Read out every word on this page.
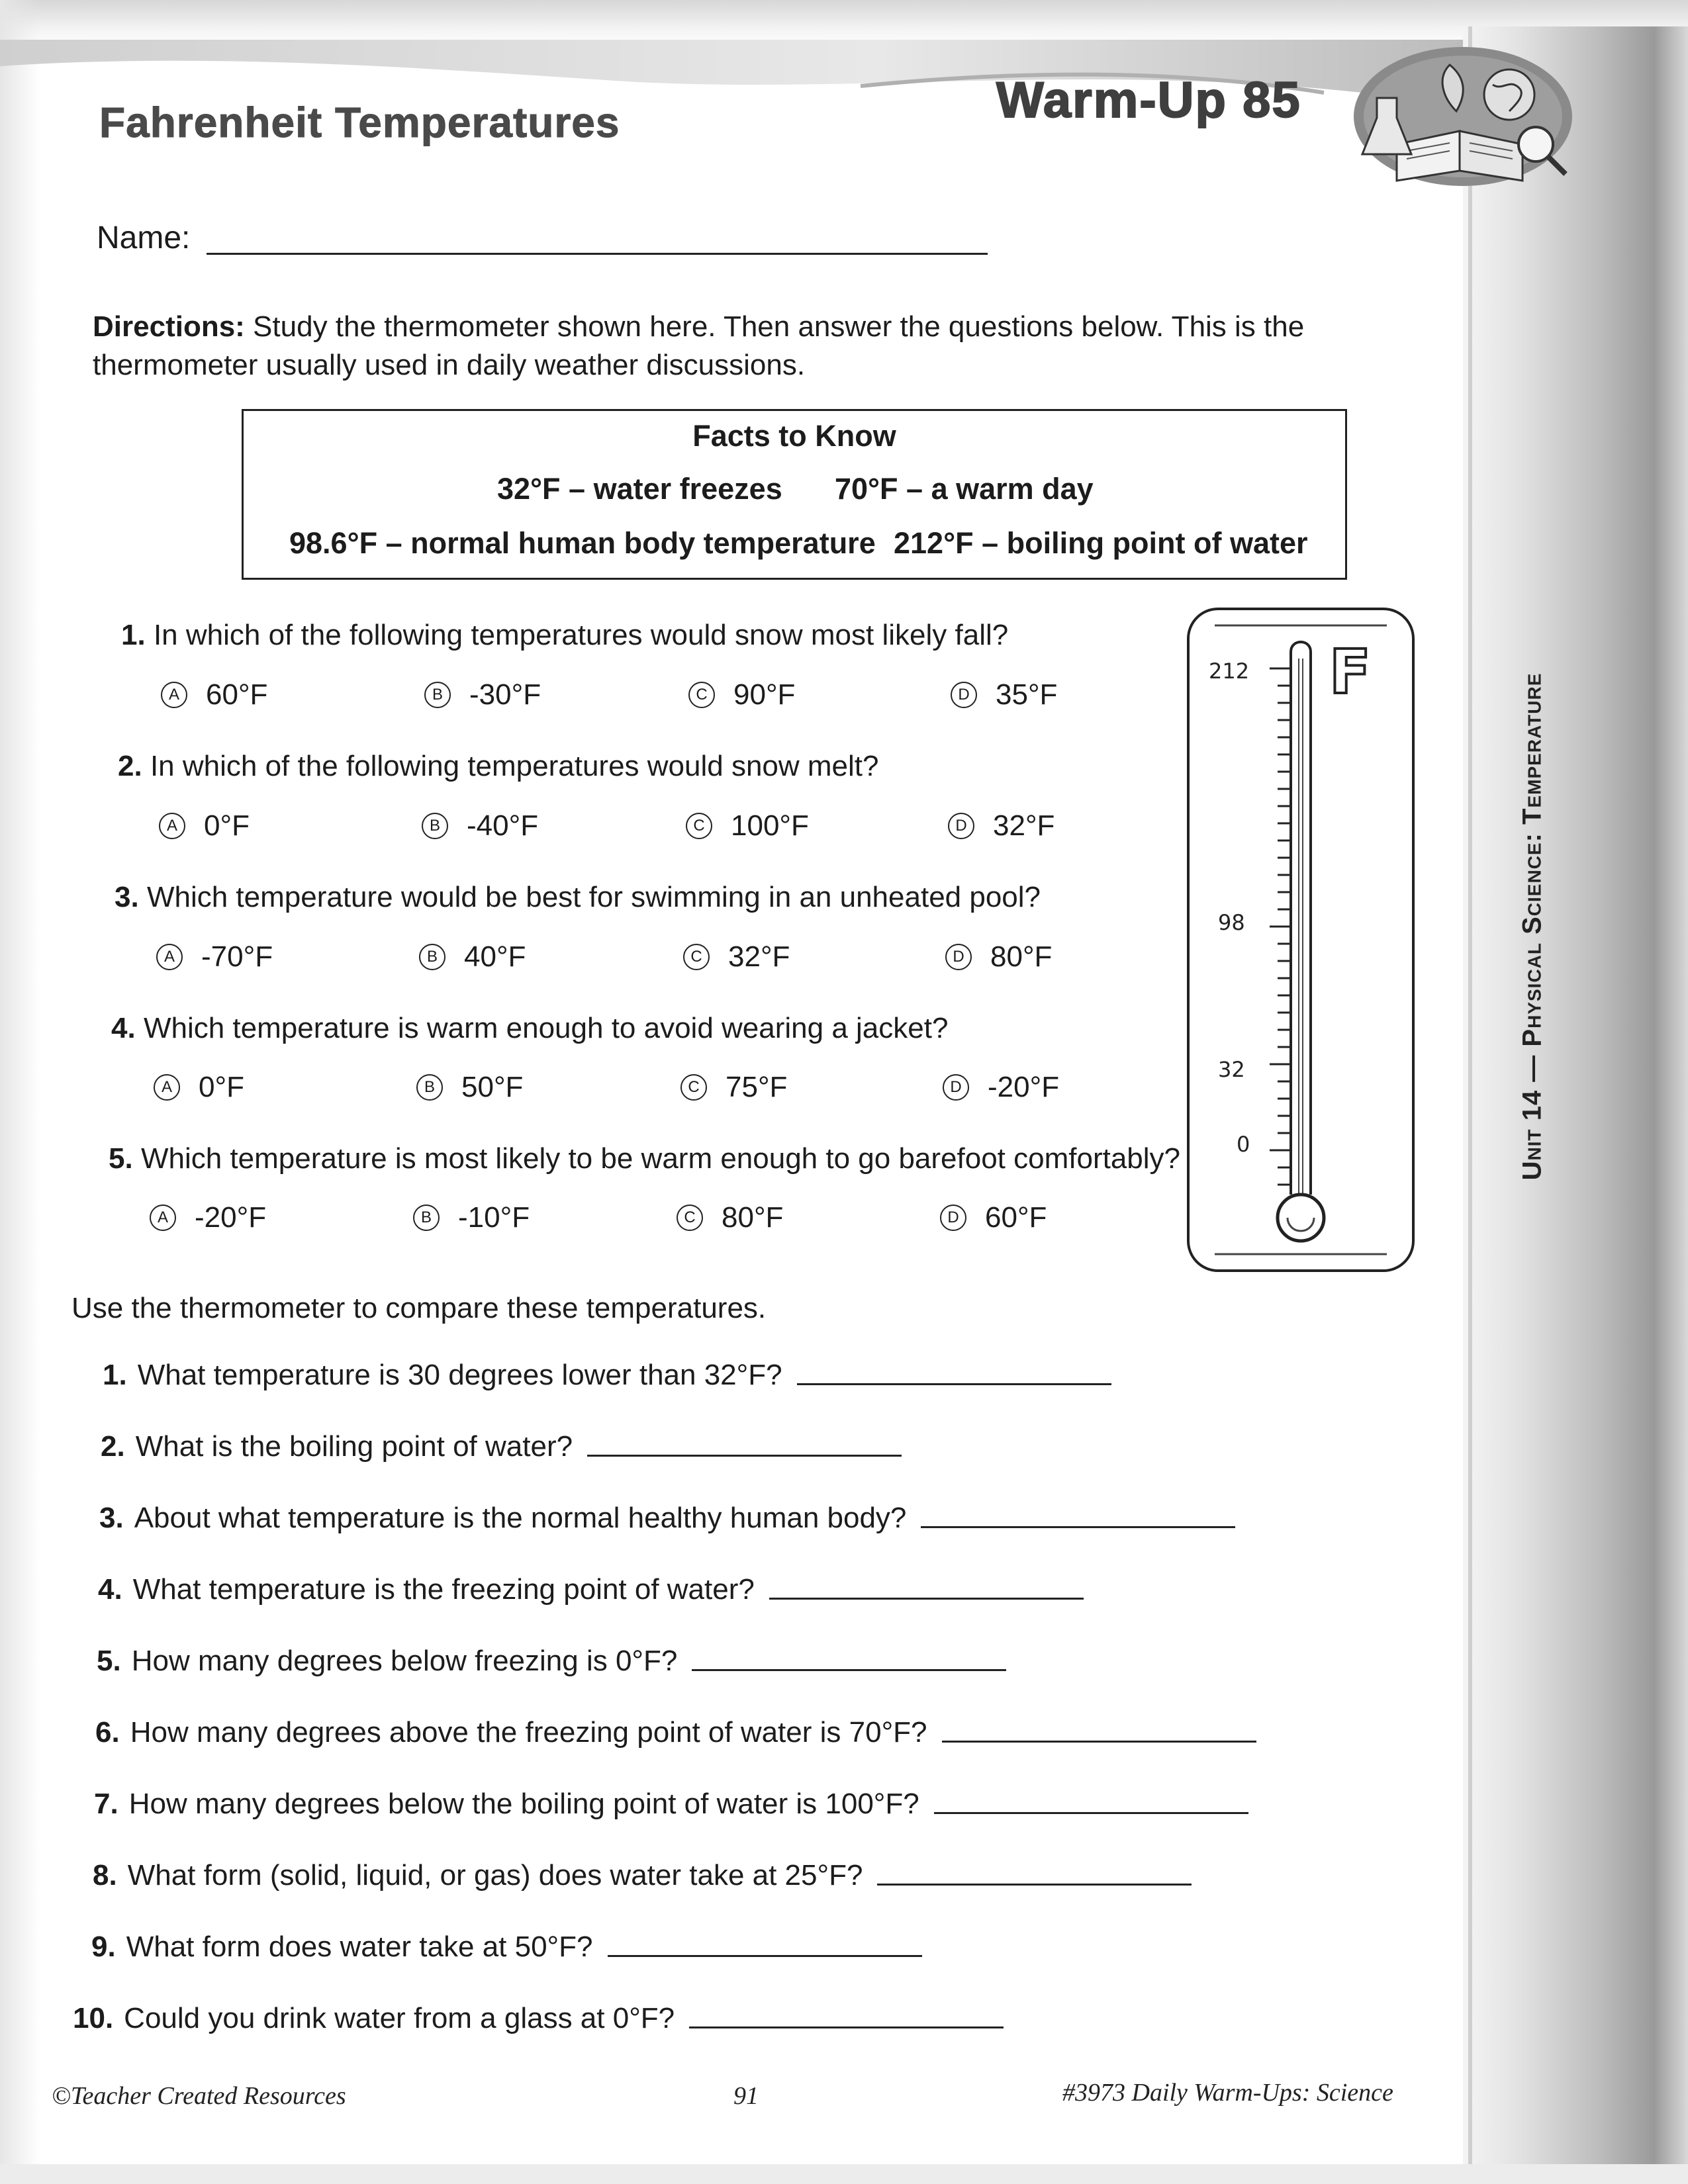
Fahrenheit Temperatures	Warm-Up 85
Name:
Directions: Study the thermometer shown here. Then answer the questions below. This is the thermometer usually used in daily weather discussions.
Facts to Know
32°F – water freezes 70°F – a warm day
98.6°F – normal human body temperature 212°F – boiling point of water
1. In which of the following temperatures would snow most likely fall?
A 60°F	B -30°F	C 90°F	D 35°F
2. In which of the following temperatures would snow melt?
A 0°F	B -40°F	C 100°F	D 32°F
3. Which temperature would be best for swimming in an unheated pool?
A -70°F	B 40°F	C 32°F	D 80°F
4. Which temperature is warm enough to avoid wearing a jacket?
A 0°F	B 50°F	C 75°F	D -20°F
5. Which temperature is most likely to be warm enough to go barefoot comfortably?
A -20°F	B -10°F	C 80°F	D 60°F
212
98
32
0
F
Unit 14 — Physical Science: Temperature
Use the thermometer to compare these temperatures.
1. What temperature is 30 degrees lower than 32°F?
2. What is the boiling point of water?
3. About what temperature is the normal healthy human body?
4. What temperature is the freezing point of water?
5. How many degrees below freezing is 0°F?
6. How many degrees above the freezing point of water is 70°F?
7. How many degrees below the boiling point of water is 100°F?
8. What form (solid, liquid, or gas) does water take at 25°F?
9. What form does water take at 50°F?
10. Could you drink water from a glass at 0°F?
©Teacher Created Resources	91	#3973 Daily Warm-Ups: Science
